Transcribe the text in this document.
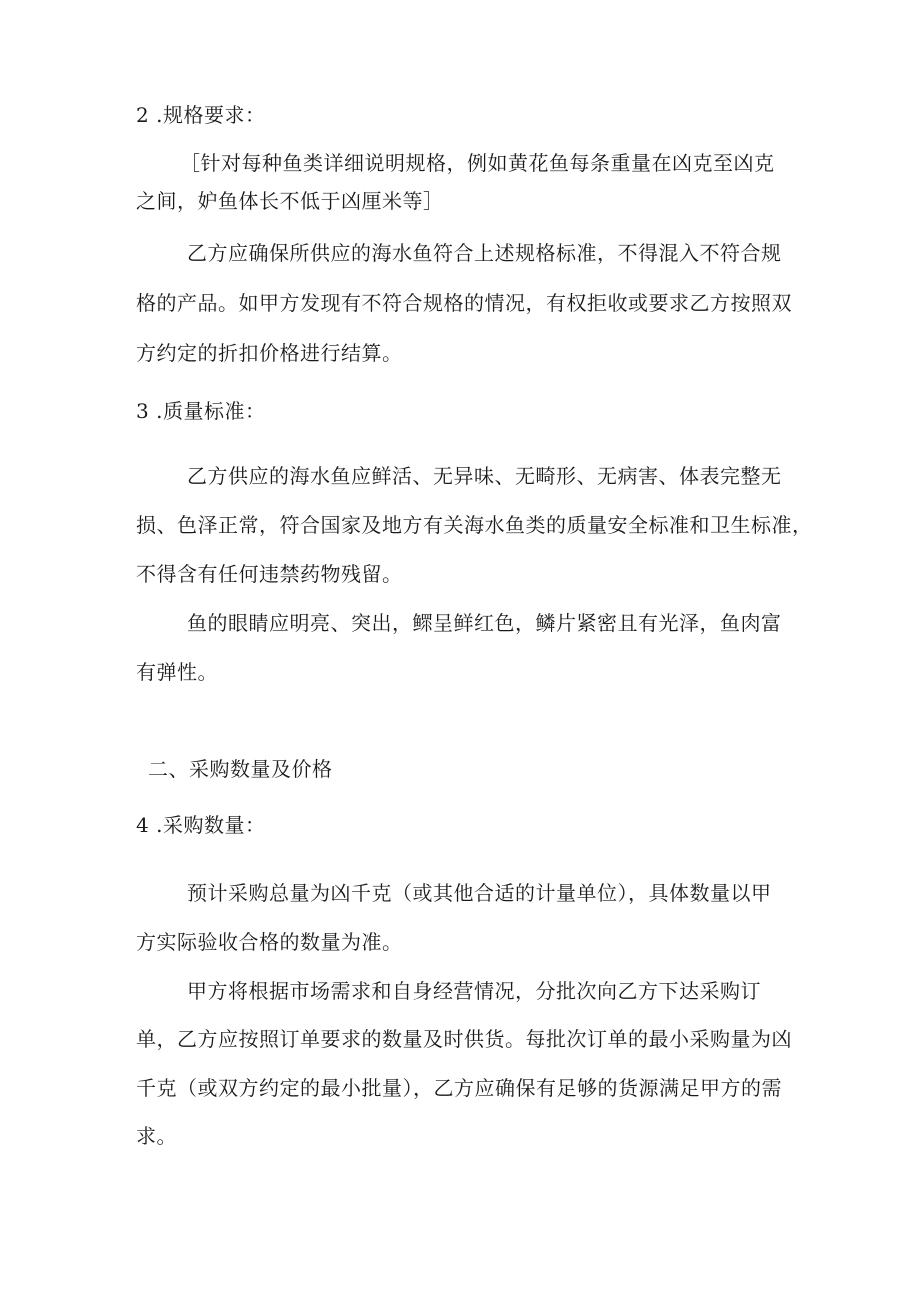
2 .规格要求：
［针对每种鱼类详细说明规格，例如黄花鱼每条重量在凶克至凶克
之间，妒鱼体长不低于凶厘米等］
乙方应确保所供应的海水鱼符合上述规格标准，不得混入不符合规
格的产品。如甲方发现有不符合规格的情况，有权拒收或要求乙方按照双
方约定的折扣价格进行结算。
3 .质量标准：
乙方供应的海水鱼应鲜活、无异味、无畸形、无病害、体表完整无
损、色泽正常，符合国家及地方有关海水鱼类的质量安全标准和卫生标准，
不得含有任何违禁药物残留。
鱼的眼睛应明亮、突出，鳏呈鲜红色，鳞片紧密且有光泽，鱼肉富
有弹性。
二、采购数量及价格
4 .采购数量：
预计采购总量为凶千克（或其他合适的计量单位），具体数量以甲
方实际验收合格的数量为准。
甲方将根据市场需求和自身经营情况，分批次向乙方下达采购订
单，乙方应按照订单要求的数量及时供货。每批次订单的最小采购量为凶
千克（或双方约定的最小批量），乙方应确保有足够的货源满足甲方的需
求。
